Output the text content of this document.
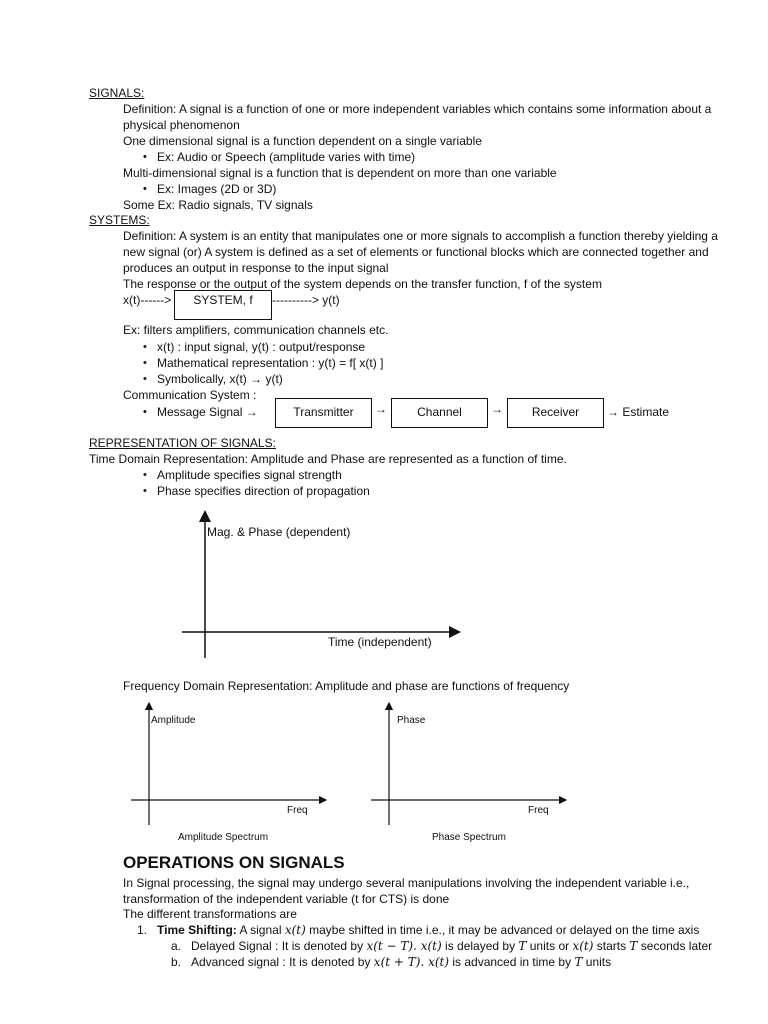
SIGNALS:
Definition: A signal is a function of one or more independent variables which contains some information about a
physical phenomenon
One dimensional signal is a function dependent on a single variable
• Ex: Audio or Speech (amplitude varies with time)
Multi-dimensional signal is a function that is dependent on more than one variable
• Ex: Images (2D or 3D)
Some Ex: Radio signals, TV signals
SYSTEMS:
Definition: A system is an entity that manipulates one or more signals to accomplish a function thereby yielding a
new signal (or) A system is defined as a set of elements or functional blocks which are connected together and
produces an output in response to the input signal
The response or the output of the system depends on the transfer function, f of the system
x(t)------>	SYSTEM, f	----------> y(t)
Ex: filters amplifiers, communication channels etc.
• x(t) : input signal, y(t) : output/response
• Mathematical representation : y(t) = f[ x(t) ]
• Symbolically, x(t) → y(t)
Communication System :
• Message Signal →	Transmitter	→	Channel	→	Receiver	→ Estimate
REPRESENTATION OF SIGNALS:
Time Domain Representation: Amplitude and Phase are represented as a function of time.
• Amplitude specifies signal strength
• Phase specifies direction of propagation
Mag. & Phase (dependent)
Time (independent)
Frequency Domain Representation: Amplitude and phase are functions of frequency
Amplitude
Freq
Amplitude Spectrum
Phase
Freq
Phase Spectrum
OPERATIONS ON SIGNALS
In Signal processing, the signal may undergo several manipulations involving the independent variable i.e.,
transformation of the independent variable (t for CTS) is done
The different transformations are
1. Time Shifting: A signal x(t) maybe shifted in time i.e., it may be advanced or delayed on the time axis
a. Delayed Signal : It is denoted by x(t − T). x(t) is delayed by T units or x(t) starts T seconds later
b. Advanced signal : It is denoted by x(t + T). x(t) is advanced in time by T units
